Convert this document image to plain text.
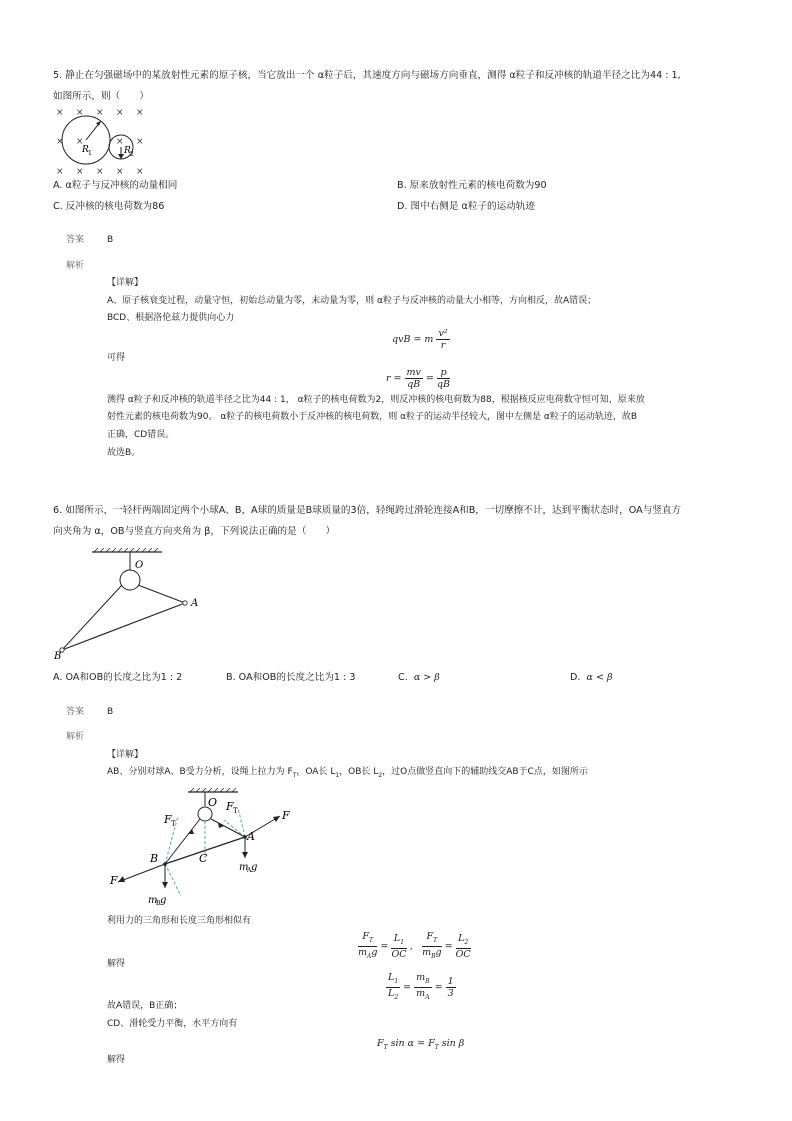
5. 静止在匀强磁场中的某放射性元素的原子核，当它放出一个 α粒子后，其速度方向与磁场方向垂直，测得 α粒子和反冲核的轨道半径之比为44 : 1,
如图所示，则（　　）
× × × × ×
× ×	× ×
× × × × ×
R 1	R 2
A. α粒子与反冲核的动量相同	B. 原来放射性元素的核电荷数为90
C. 反冲核的核电荷数为86	D. 图中右侧是 α粒子的运动轨迹
答案	B
解析
【详解】
A、原子核衰变过程，动量守恒，初始总动量为零，末动量为零，则 α粒子与反冲核的动量大小相等，方向相反，故A错误；
BCD、根据洛伦兹力提供向心力
qvB = m $\frac{\text{v²}}{r}$
可得
$r = \frac{mv}{qB} = \frac{p}{qB}$
测得 α粒子和反冲核的轨道半径之比为44 : 1， α粒子的核电荷数为2，则反冲核的核电荷数为88，根据核反应电荷数守恒可知，原来放
射性元素的核电荷数为90。 α粒子的核电荷数小于反冲核的核电荷数，则 α粒子的运动半径较大，图中左侧是 α粒子的运动轨迹，故B
正确，CD错误。
故选B。
6. 如图所示，一轻杆两端固定两个小球A、B，A球的质量是B球质量的3倍，轻绳跨过滑轮连接A和B，一切摩擦不计，达到平衡状态时，OA与竖直方
向夹角为 α，OB与竖直方向夹角为 β，下列说法正确的是（　　）
O
A
B
A. OA和OB的长度之比为1 : 2	B. OA和OB的长度之比为1 : 3	C. α > β	D. α < β
答案	B
解析
【详解】
AB、分别对球A、B受力分析，设绳上拉力为 $F_T$，OA长 $L_1$，OB长 $L_2$，过O点做竖直向下的辅助线交AB于C点，如图所示
O
F T
F T	F
F
A
B	C
m
A g
m
B g
利用力的三角形和长度三角形相似有
$\frac{F_T}{m_Ag} = \frac{L_1}{OC}$ ， $\frac{F_T}{m_Bg} = \frac{L_2}{OC}$
解得
$\frac{L_1}{L_2} = \frac{m_B}{m_A} = \frac{1}{3}$
故A错误，B正确；
CD、滑轮受力平衡，水平方向有
$F_T$ $\sin \alpha = F_T$ sin β
解得
